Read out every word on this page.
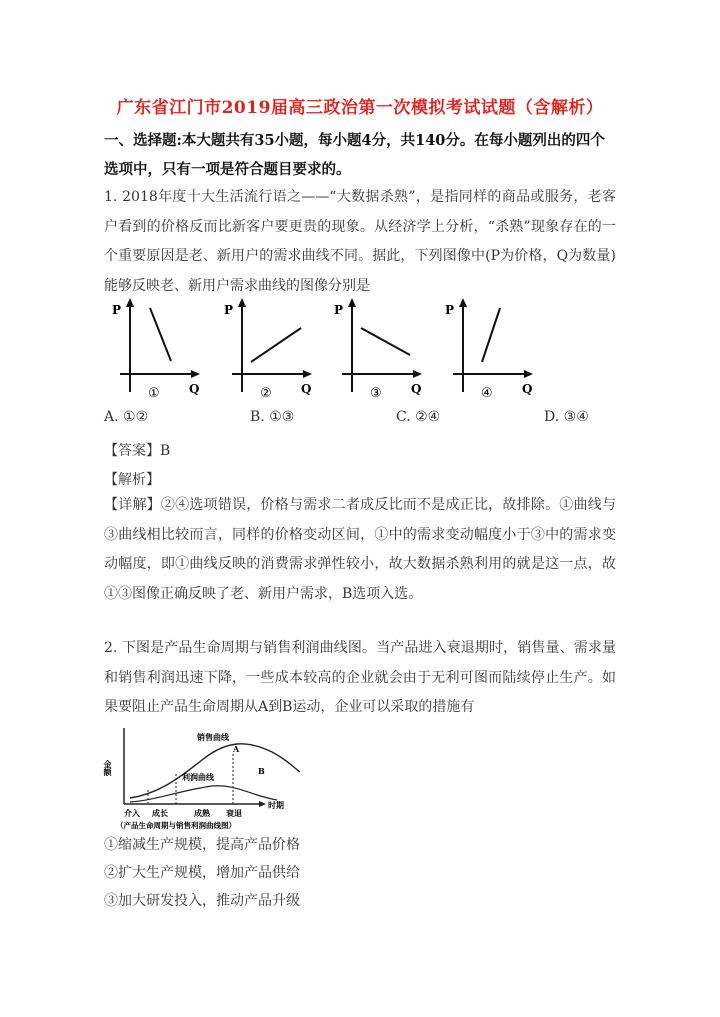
广东省江门市2019届高三政治第一次模拟考试试题（含解析）
一、选择题:本大题共有35小题，每小题4分，共140分。在每小题列出的四个选项中，只有一项是符合题目要求的。
1. 2018年度十大生活流行语之——“大数据杀熟”，是指同样的商品或服务，老客户看到的价格反而比新客户要更贵的现象。从经济学上分析，“杀熟”现象存在的一个重要原因是老、新用户的需求曲线不同。据此，下列图像中(P为价格，Q为数量)能够反映老、新用户需求曲线的图像分别是
P
Q
①
P
Q
②
P
Q
③
P
Q
④
A. ①②	B. ①③	C. ②④	D. ③④
【答案】B
【解析】
【详解】②④选项错误，价格与需求二者成反比而不是成正比，故排除。①曲线与③曲线相比较而言，同样的价格变动区间，①中的需求变动幅度小于③中的需求变动幅度，即①曲线反映的消费需求弹性较小，故大数据杀熟利用的就是这一点，故①③图像正确反映了老、新用户需求，B选项入选。
2. 下图是产品生命周期与销售利润曲线图。当产品进入衰退期时，销售量、需求量和销售利润迅速下降，一些成本较高的企业就会由于无利可图而陆续停止生产。如果要阻止产品生命周期从A到B运动，企业可以采取的措施有
金额
时期
销售曲线
利润曲线
A
B
介入 成长	成熟 衰退
（产品生命周期与销售利润曲线图）
①缩减生产规模，提高产品价格
②扩大生产规模，增加产品供给
③加大研发投入，推动产品升级
